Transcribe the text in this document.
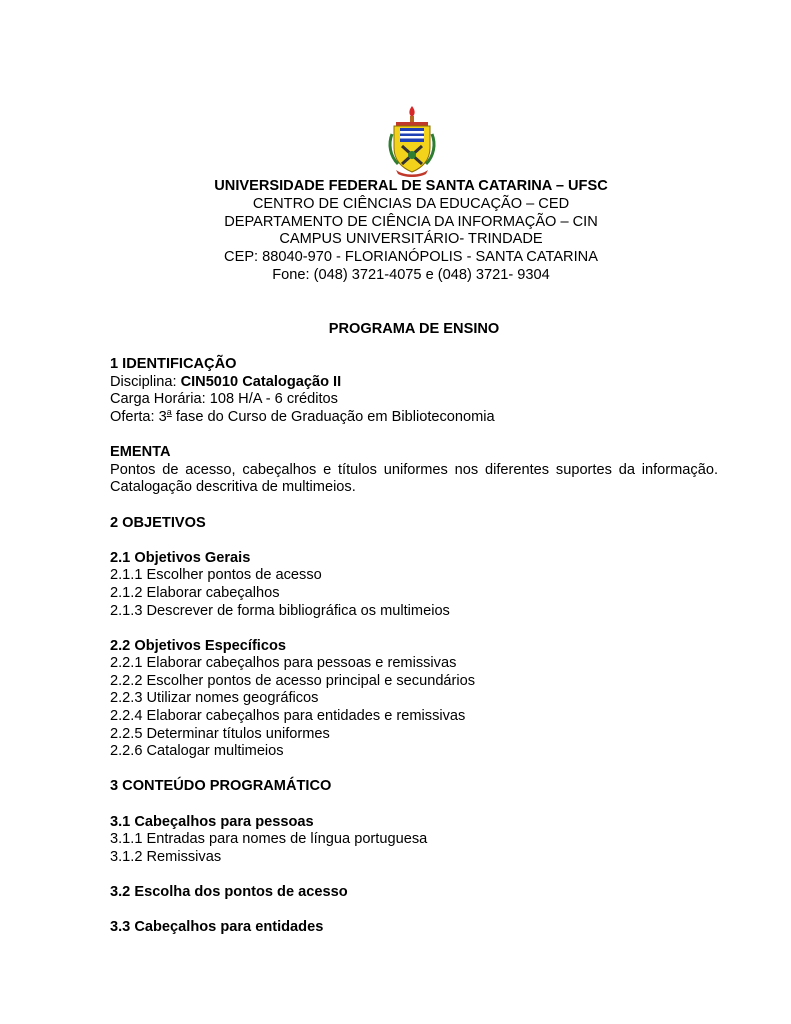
UNIVERSIDADE FEDERAL DE SANTA CATARINA – UFSC
CENTRO DE CIÊNCIAS DA EDUCAÇÃO – CED
DEPARTAMENTO DE CIÊNCIA DA INFORMAÇÃO – CIN
CAMPUS UNIVERSITÁRIO- TRINDADE
CEP: 88040-970 - FLORIANÓPOLIS - SANTA CATARINA
Fone: (048) 3721-4075 e (048) 3721- 9304
PROGRAMA DE ENSINO
1 IDENTIFICAÇÃO
Disciplina: CIN5010 Catalogação II
Carga Horária: 108 H/A - 6 créditos
Oferta: 3$^a$ fase do Curso de Graduação em Biblioteconomia
EMENTA
Pontos de acesso, cabeçalhos e títulos uniformes nos diferentes suportes da informação. Catalogação descritiva de multimeios.
2 OBJETIVOS
2.1 Objetivos Gerais
2.1.1 Escolher pontos de acesso
2.1.2 Elaborar cabeçalhos
2.1.3 Descrever de forma bibliográfica os multimeios
2.2 Objetivos Específicos
2.2.1 Elaborar cabeçalhos para pessoas e remissivas
2.2.2 Escolher pontos de acesso principal e secundários
2.2.3 Utilizar nomes geográficos
2.2.4 Elaborar cabeçalhos para entidades e remissivas
2.2.5 Determinar títulos uniformes
2.2.6 Catalogar multimeios
3 CONTEÚDO PROGRAMÁTICO
3.1 Cabeçalhos para pessoas
3.1.1 Entradas para nomes de língua portuguesa
3.1.2 Remissivas
3.2 Escolha dos pontos de acesso
3.3 Cabeçalhos para entidades
